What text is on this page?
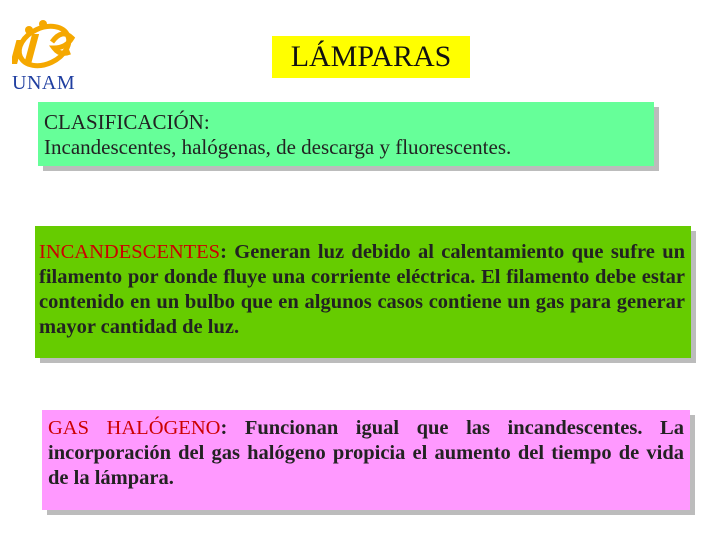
UNAM
LÁMPARAS
CLASIFICACIÓN:
Incandescentes, halógenas, de descarga y fluorescentes.
INCANDESCENTES: Generan luz debido al calentamiento que sufre un filamento por donde fluye una corriente eléctrica. El filamento debe estar contenido en un bulbo que en algunos casos contiene un gas para generar mayor cantidad de luz.
GAS HALÓGENO: Funcionan igual que las incandescentes. La incorporación del gas halógeno propicia el aumento del tiempo de vida de la lámpara.
